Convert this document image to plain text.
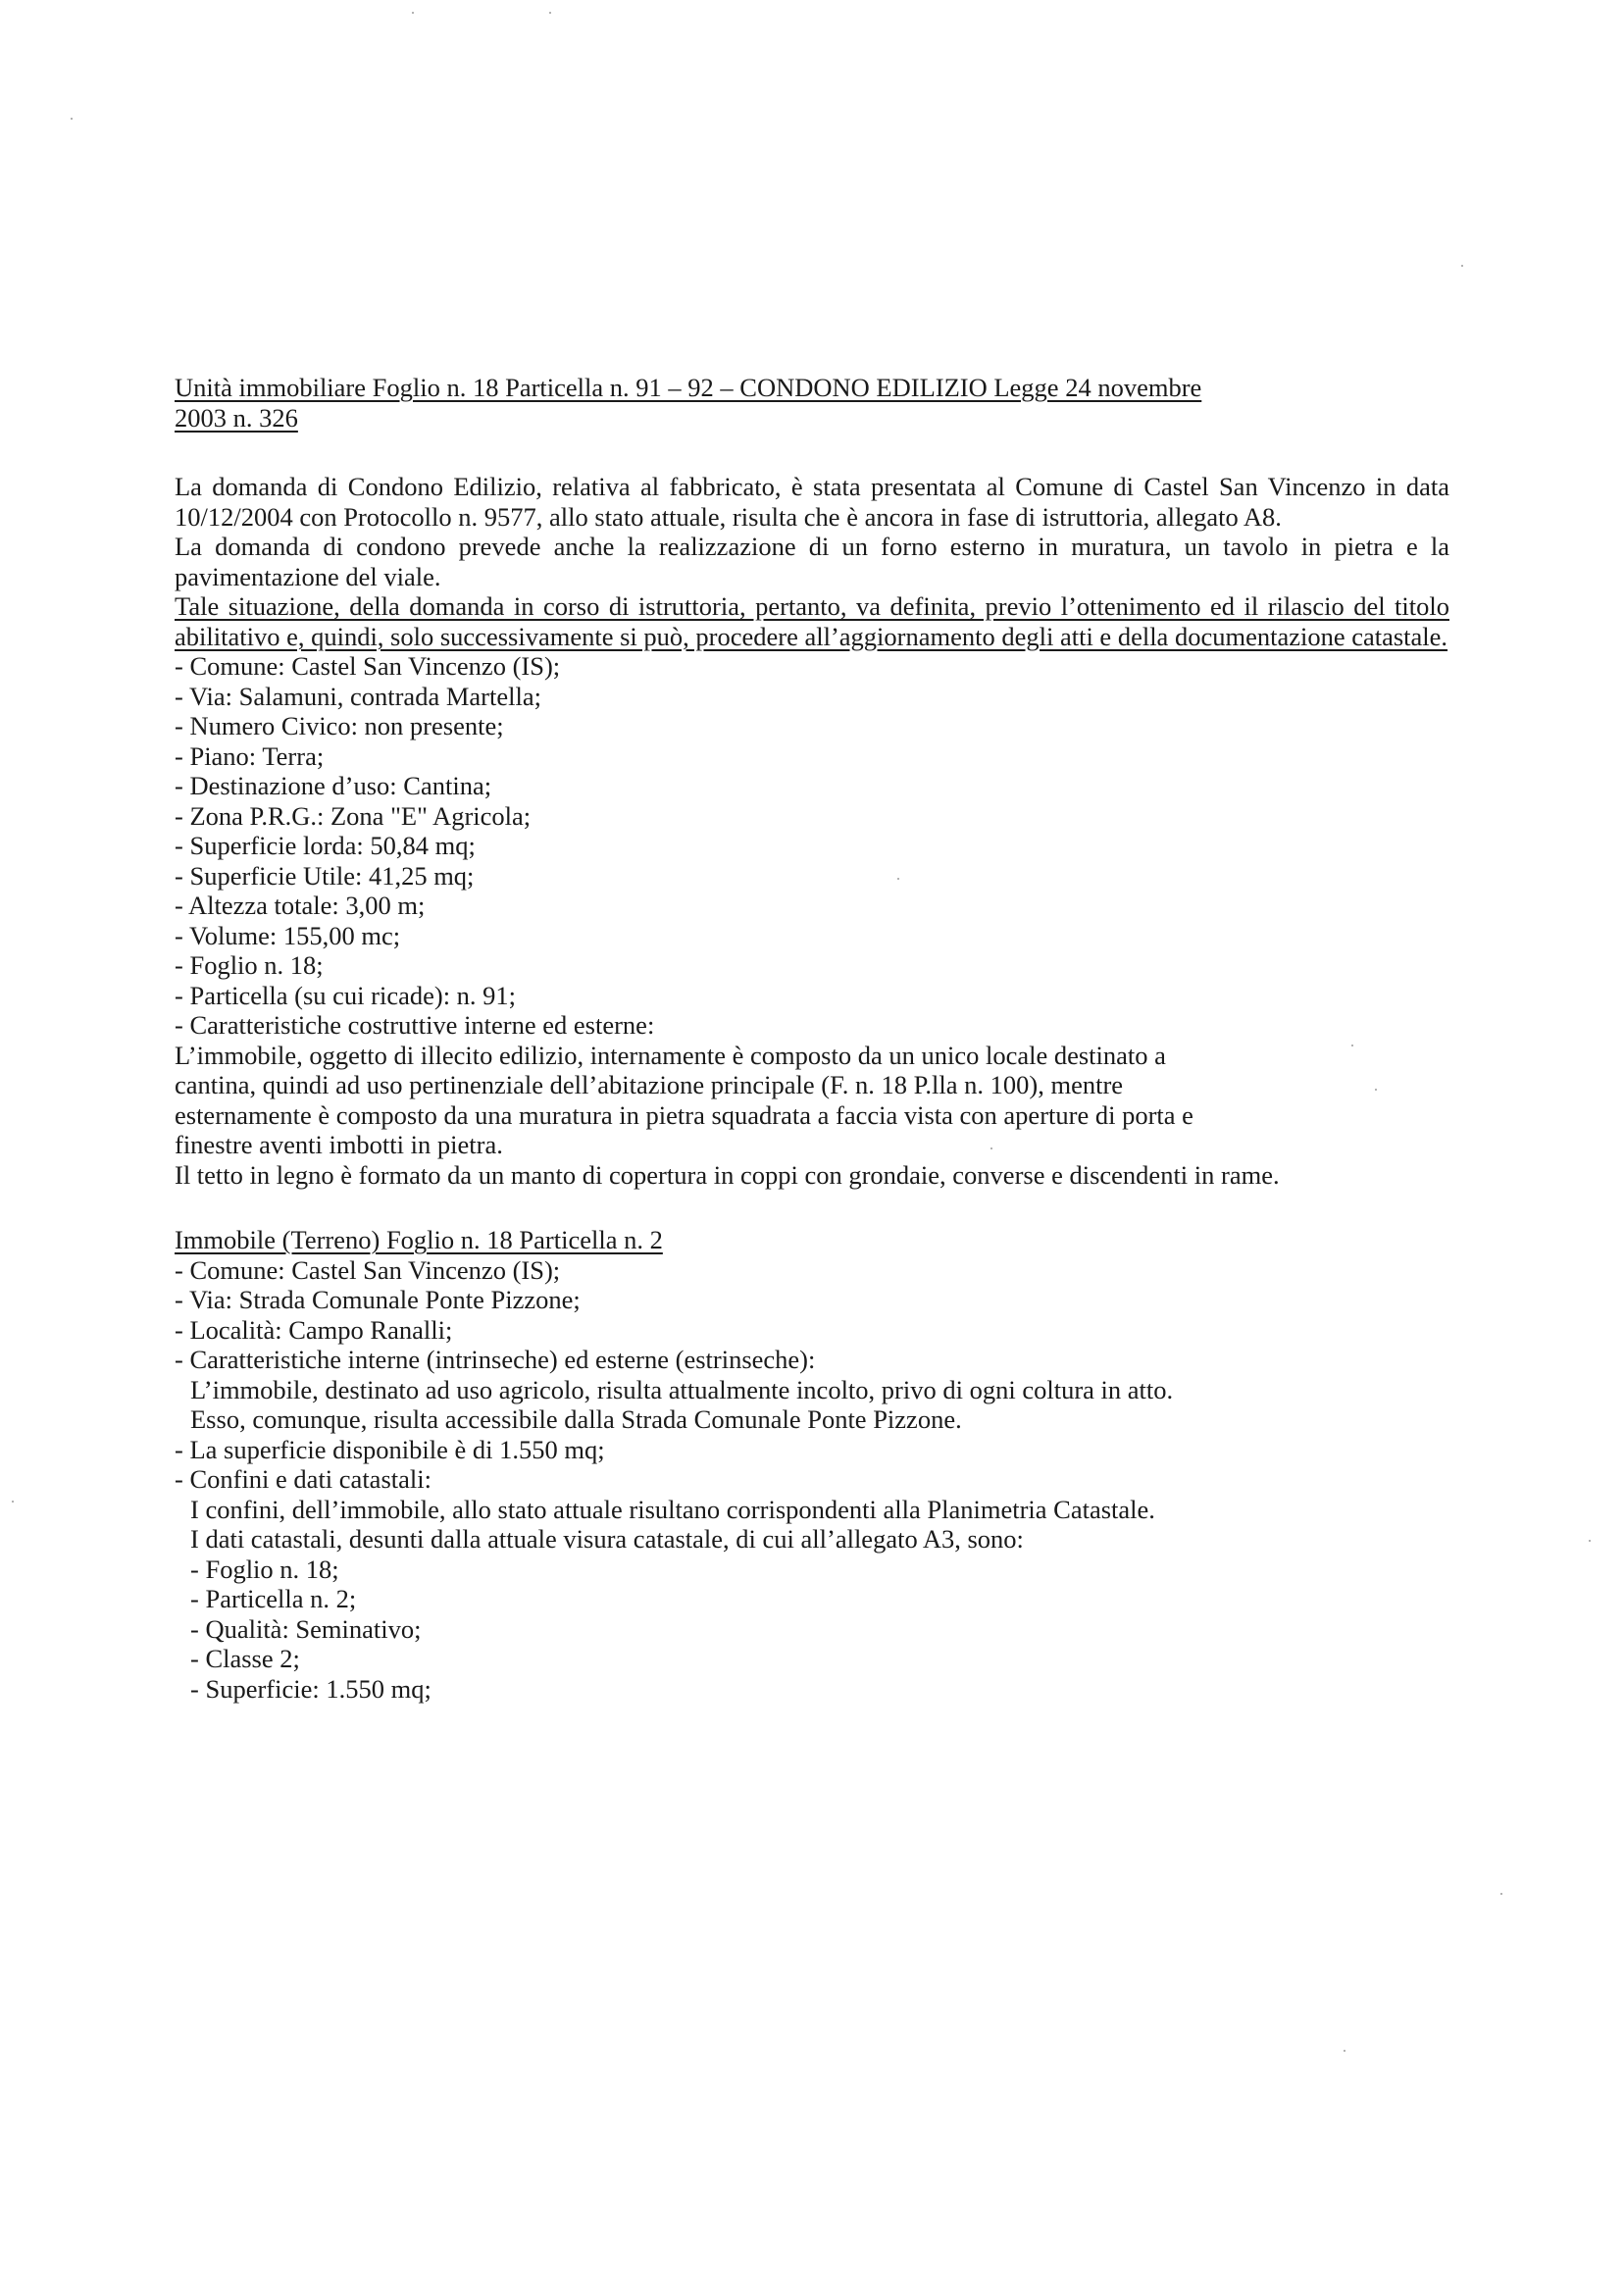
Unità immobiliare Foglio n. 18 Particella n. 91 – 92 – CONDONO EDILIZIO Legge 24 novembre

2003 n. 326

La domanda di Condono Edilizio, relativa al fabbricato, è stata presentata al Comune di Castel San Vincenzo in data 10/12/2004 con Protocollo n. 9577, allo stato attuale, risulta che è ancora in fase di istruttoria, allegato A8.

La domanda di condono prevede anche la realizzazione di un forno esterno in muratura, un tavolo in pietra e la pavimentazione del viale.

Tale situazione, della domanda in corso di istruttoria, pertanto, va definita, previo l’ottenimento ed il rilascio del titolo abilitativo e, quindi, solo successivamente si può, procedere all’aggiornamento degli atti e della documentazione catastale.

- Comune: Castel San Vincenzo (IS);

- Via: Salamuni, contrada Martella;

- Numero Civico: non presente;

- Piano: Terra;

- Destinazione d’uso: Cantina;

- Zona P.R.G.: Zona "E" Agricola;

- Superficie lorda: 50,84 mq;

- Superficie Utile: 41,25 mq;

- Altezza totale: 3,00 m;

- Volume: 155,00 mc;

- Foglio n. 18;

- Particella (su cui ricade): n. 91;

- Caratteristiche costruttive interne ed esterne:

L’immobile, oggetto di illecito edilizio, internamente è composto da un unico locale destinato a

cantina, quindi ad uso pertinenziale dell’abitazione principale (F. n. 18 P.lla n. 100), mentre

esternamente è composto da una muratura in pietra squadrata a faccia vista con aperture di porta e

finestre aventi imbotti in pietra.

Il tetto in legno è formato da un manto di copertura in coppi con grondaie, converse e discendenti in rame.

Immobile (Terreno) Foglio n. 18 Particella n. 2

- Comune: Castel San Vincenzo (IS);

- Via: Strada Comunale Ponte Pizzone;

- Località: Campo Ranalli;

- Caratteristiche interne (intrinseche) ed esterne (estrinseche):

L’immobile, destinato ad uso agricolo, risulta attualmente incolto, privo di ogni coltura in atto.

Esso, comunque, risulta accessibile dalla Strada Comunale Ponte Pizzone.

- La superficie disponibile è di 1.550 mq;

- Confini e dati catastali:

I confini, dell’immobile, allo stato attuale risultano corrispondenti alla Planimetria Catastale.

I dati catastali, desunti dalla attuale visura catastale, di cui all’allegato A3, sono:

- Foglio n. 18;

- Particella n. 2;

- Qualità: Seminativo;

- Classe 2;

- Superficie: 1.550 mq;
